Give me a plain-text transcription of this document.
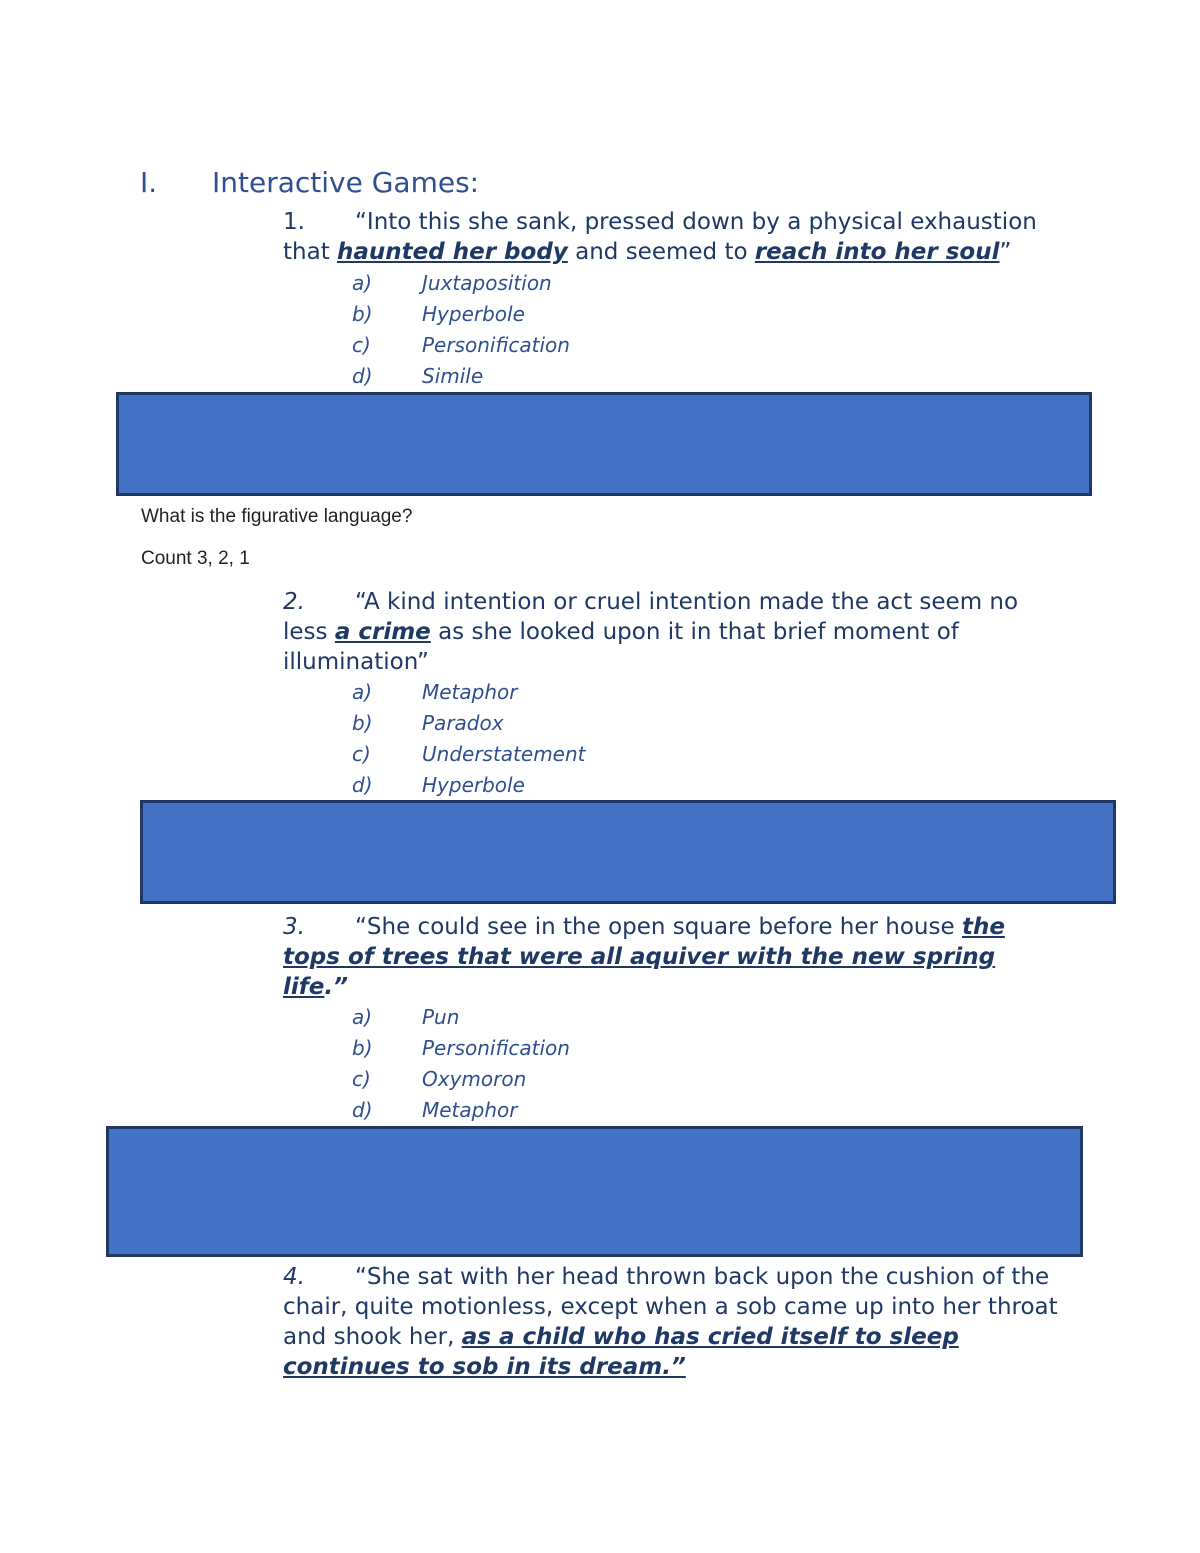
I. Interactive Games:
1. “Into this she sank, pressed down by a physical exhaustion that haunted her body and seemed to reach into her soul”
a) Juxtaposition
b) Hyperbole
c)	Personification
d) Simile
What is the figurative language?
Count 3, 2, 1
2. “A kind intention or cruel intention made the act seem no less a crime as she looked upon it in that brief moment of illumination”
a) Metaphor
b) Paradox
c)	Understatement
d) Hyperbole
3. “She could see in the open square before her house the tops of trees that were all aquiver with the new spring life.”
a) Pun
b) Personification
c)	Oxymoron
d) Metaphor
4. “She sat with her head thrown back upon the cushion of the chair, quite motionless, except when a sob came up into her throat and shook her, as a child who has cried itself to sleep continues to sob in its dream.”
